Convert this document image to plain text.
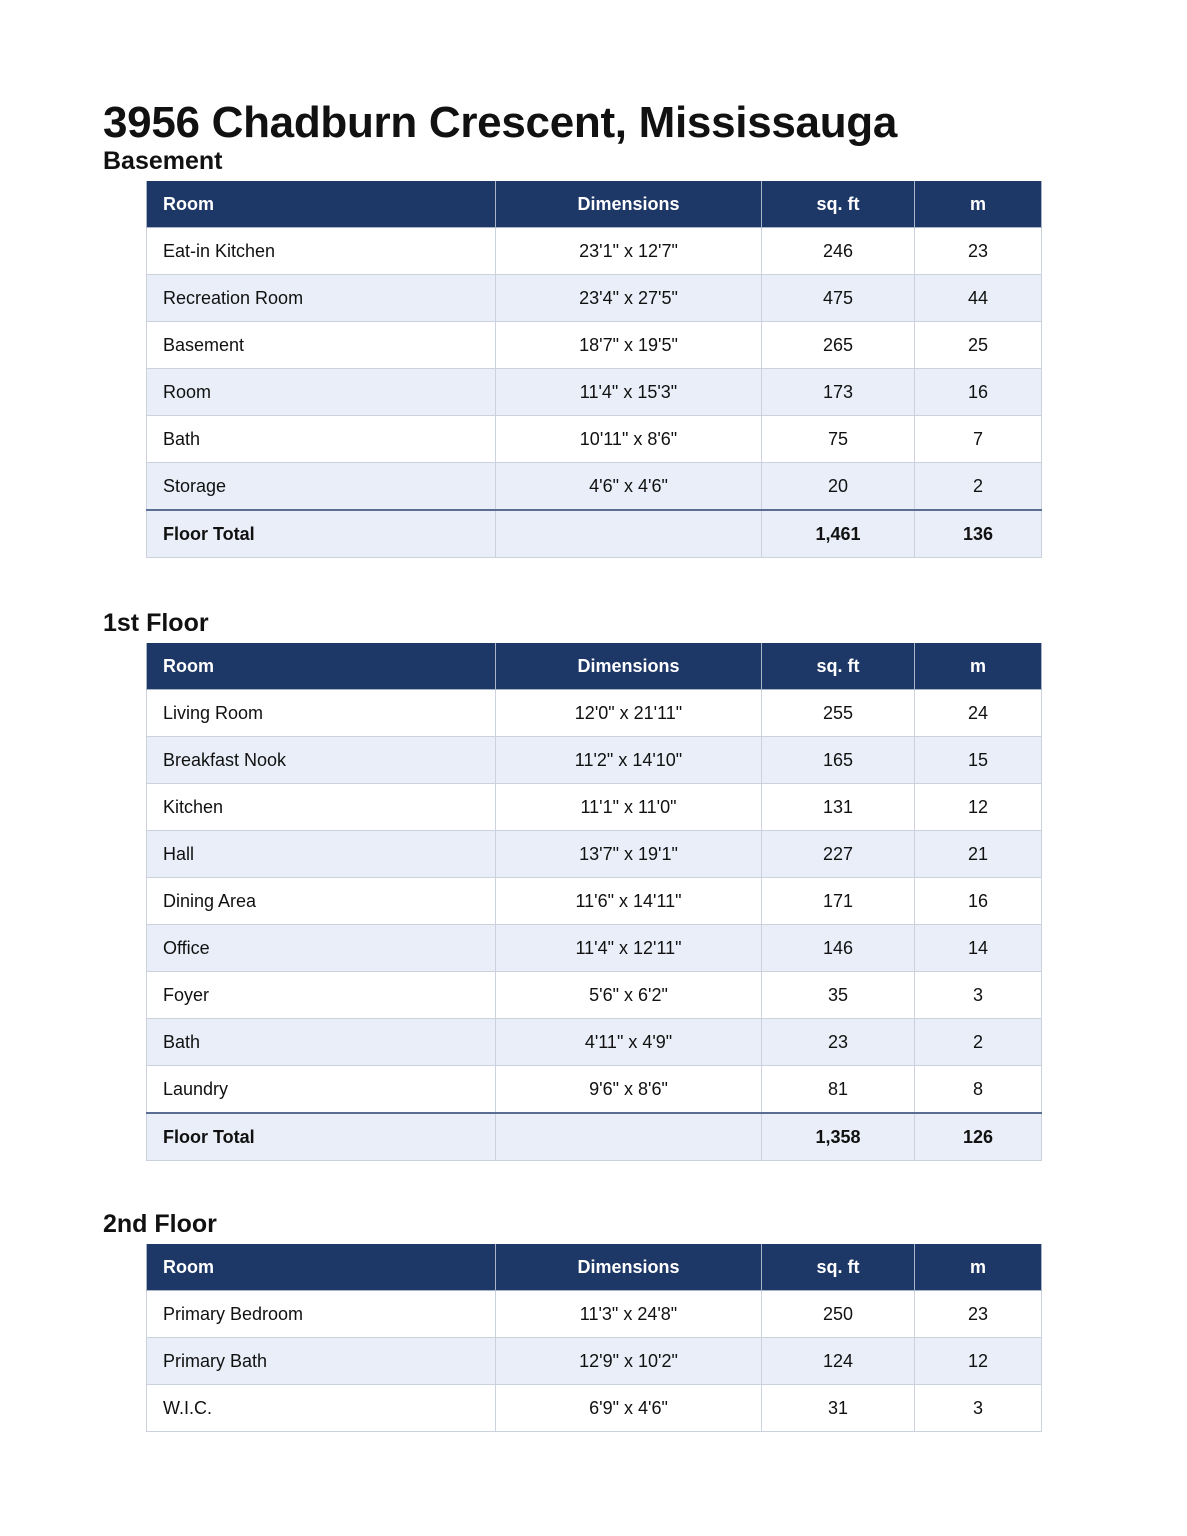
3956 Chadburn Crescent, Mississauga
Basement
Room	Dimensions	sq. ft	m
Eat-in Kitchen	23'1" x 12'7"	246	23
Recreation Room	23'4" x 27'5"	475	44
Basement	18'7" x 19'5"	265	25
Room	11'4" x 15'3"	173	16
Bath	10'11" x 8'6"	75	7
Storage	4'6" x 4'6"	20	2
Floor Total		1,461	136
1st Floor
Room	Dimensions	sq. ft	m
Living Room	12'0" x 21'11"	255	24
Breakfast Nook	11'2" x 14'10"	165	15
Kitchen	11'1" x 11'0"	131	12
Hall	13'7" x 19'1"	227	21
Dining Area	11'6" x 14'11"	171	16
Office	11'4" x 12'11"	146	14
Foyer	5'6" x 6'2"	35	3
Bath	4'11" x 4'9"	23	2
Laundry	9'6" x 8'6"	81	8
Floor Total		1,358	126
2nd Floor
Room	Dimensions	sq. ft	m
Primary Bedroom	11'3" x 24'8"	250	23
Primary Bath	12'9" x 10'2"	124	12
W.I.C.	6'9" x 4'6"	31	3
